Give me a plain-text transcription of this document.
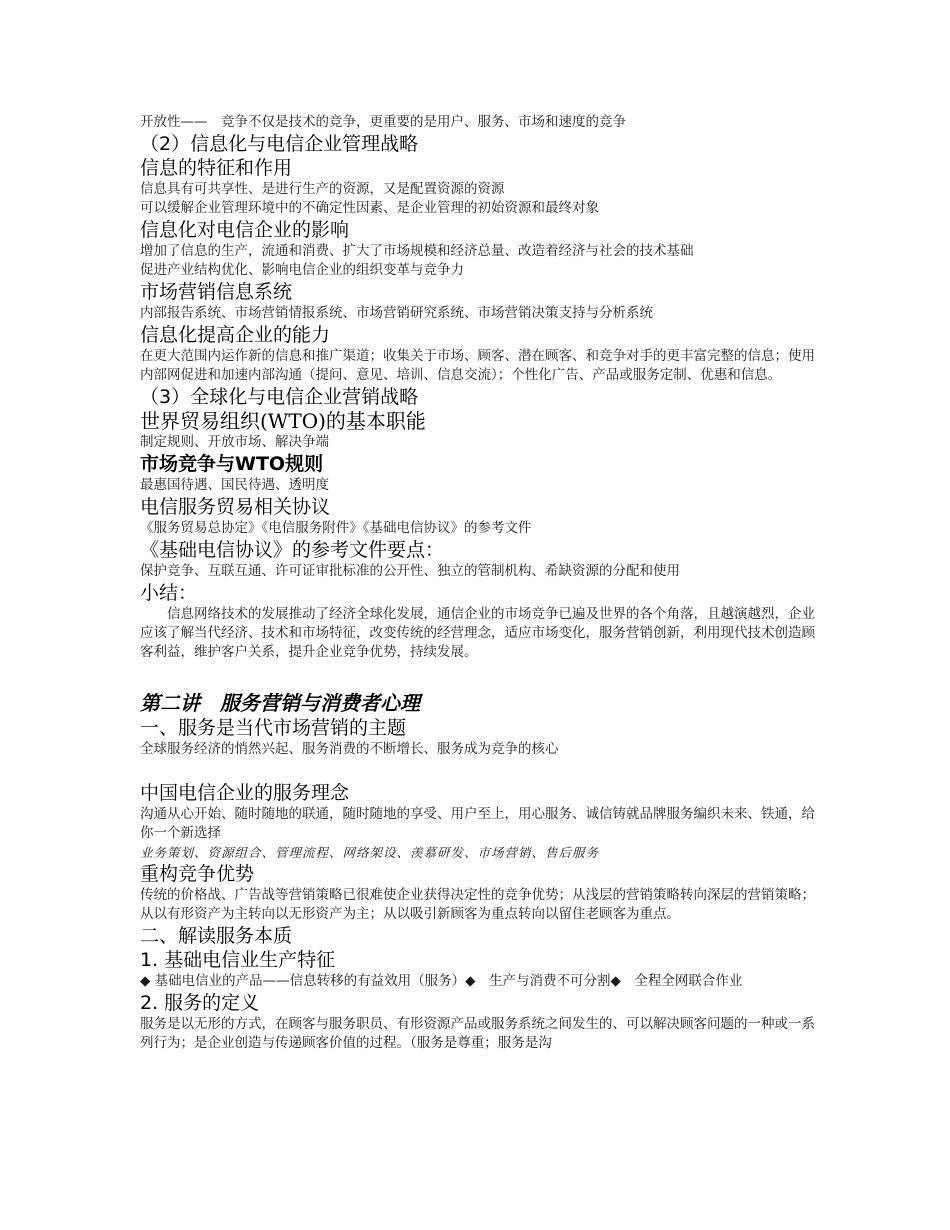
开放性——　竞争不仅是技术的竞争，更重要的是用户、服务、市场和速度的竞争

（2）信息化与电信企业管理战略
信息的特征和作用

信息具有可共享性、是进行生产的资源，又是配置资源的资源

可以缓解企业管理环境中的不确定性因素、是企业管理的初始资源和最终对象

信息化对电信企业的影响

增加了信息的生产，流通和消费、扩大了市场规模和经济总量、改造着经济与社会的技术基础

促进产业结构优化、影响电信企业的组织变革与竞争力

市场营销信息系统

内部报告系统、市场营销情报系统、市场营销研究系统、市场营销决策支持与分析系统

信息化提高企业的能力

在更大范围内运作新的信息和推广渠道；收集关于市场、顾客、潜在顾客、和竞争对手的更丰富完整的信息；使用内部网促进和加速内部沟通（提问、意见、培训、信息交流）；个性化广告、产品或服务定制、优惠和信息。

（3）全球化与电信企业营销战略
世界贸易组织(WTO)的基本职能

制定规则、开放市场、解决争端

市场竞争与WTO规则

最惠国待遇、国民待遇、透明度

电信服务贸易相关协议

《服务贸易总协定》《电信服务附件》《基础电信协议》的参考文件

《基础电信协议》的参考文件要点：

保护竞争、互联互通、许可证审批标准的公开性、独立的管制机构、希缺资源的分配和使用

小结：

信息网络技术的发展推动了经济全球化发展，通信企业的市场竞争已遍及世界的各个角落，且越演越烈，企业应该了解当代经济、技术和市场特征，改变传统的经营理念，适应市场变化，服务营销创新，利用现代技术创造顾客利益，维护客户关系，提升企业竞争优势，持续发展。

第二讲　服务营销与消费者心理
一、服务是当代市场营销的主题

全球服务经济的悄然兴起、服务消费的不断增长、服务成为竞争的核心

中国电信企业的服务理念

沟通从心开始、随时随地的联通，随时随地的享受、用户至上，用心服务、诚信铸就品牌服务编织未来、铁通，给你一个新选择

业务策划、资源组合、管理流程、网络架设、羡慕研发、市场营销、售后服务

重构竞争优势

传统的价格战、广告战等营销策略已很难使企业获得决定性的竞争优势；从浅层的营销策略转向深层的营销策略；从以有形资产为主转向以无形资产为主；从以吸引新顾客为重点转向以留住老顾客为重点。

二、解读服务本质
1. 基础电信业生产特征

◆ 基础电信业的产品——信息转移的有益效用（服务）◆　生产与消费不可分割◆　全程全网联合作业

2. 服务的定义

服务是以无形的方式，在顾客与服务职员、有形资源产品或服务系统之间发生的、可以解决顾客问题的一种或一系列行为；是企业创造与传递顾客价值的过程。（服务是尊重；服务是沟
